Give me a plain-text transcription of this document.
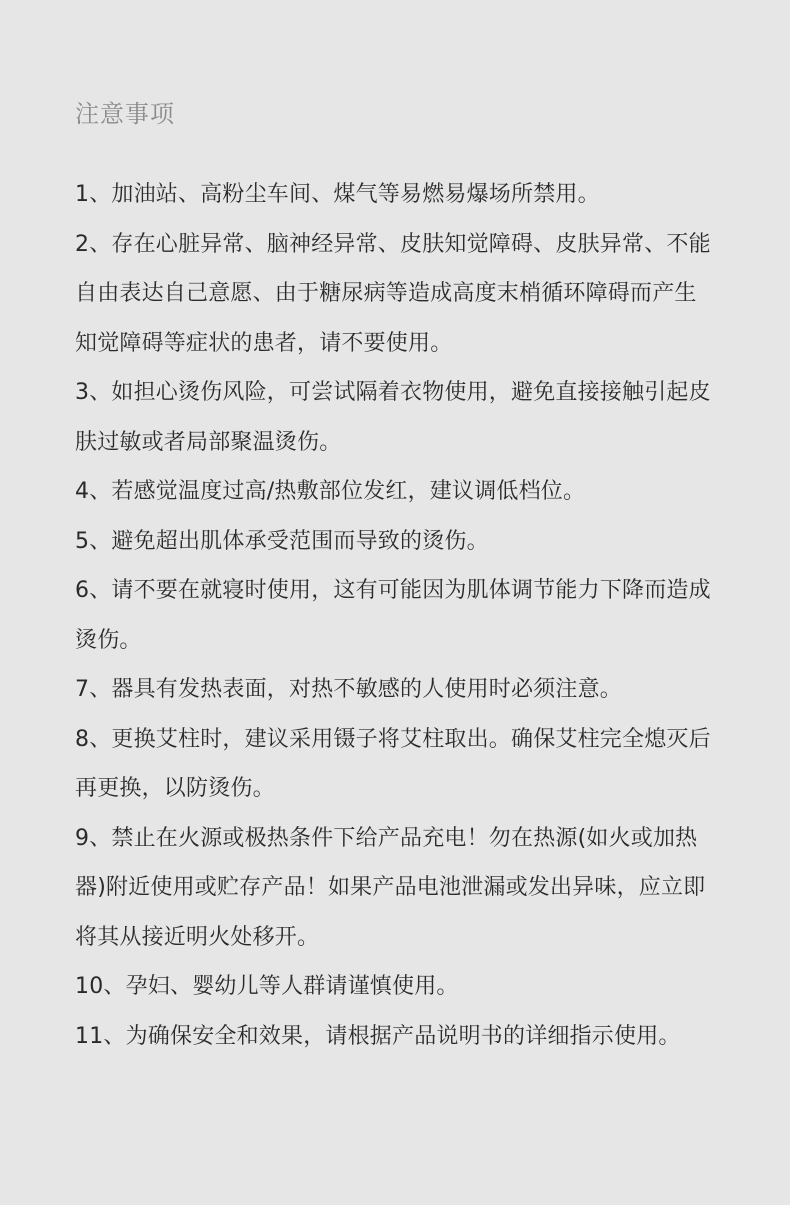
注意事项
1、加油站、高粉尘车间、煤气等易燃易爆场所禁用。
2、存在心脏异常、脑神经异常、皮肤知觉障碍、皮肤异常、不能自由表达自己意愿、由于糖尿病等造成高度末梢循环障碍而产生知觉障碍等症状的患者，请不要使用。
3、如担心烫伤风险，可尝试隔着衣物使用，避免直接接触引起皮肤过敏或者局部聚温烫伤。
4、若感觉温度过高/热敷部位发红，建议调低档位。
5、避免超出肌体承受范围而导致的烫伤。
6、请不要在就寝时使用，这有可能因为肌体调节能力下降而造成烫伤。
7、器具有发热表面，对热不敏感的人使用时必须注意。
8、更换艾柱时，建议采用镊子将艾柱取出。确保艾柱完全熄灭后再更换，以防烫伤。
9、禁止在火源或极热条件下给产品充电！勿在热源(如火或加热器)附近使用或贮存产品！如果产品电池泄漏或发出异味，应立即将其从接近明火处移开。
10、孕妇、婴幼儿等人群请谨慎使用。
11、为确保安全和效果，请根据产品说明书的详细指示使用。
